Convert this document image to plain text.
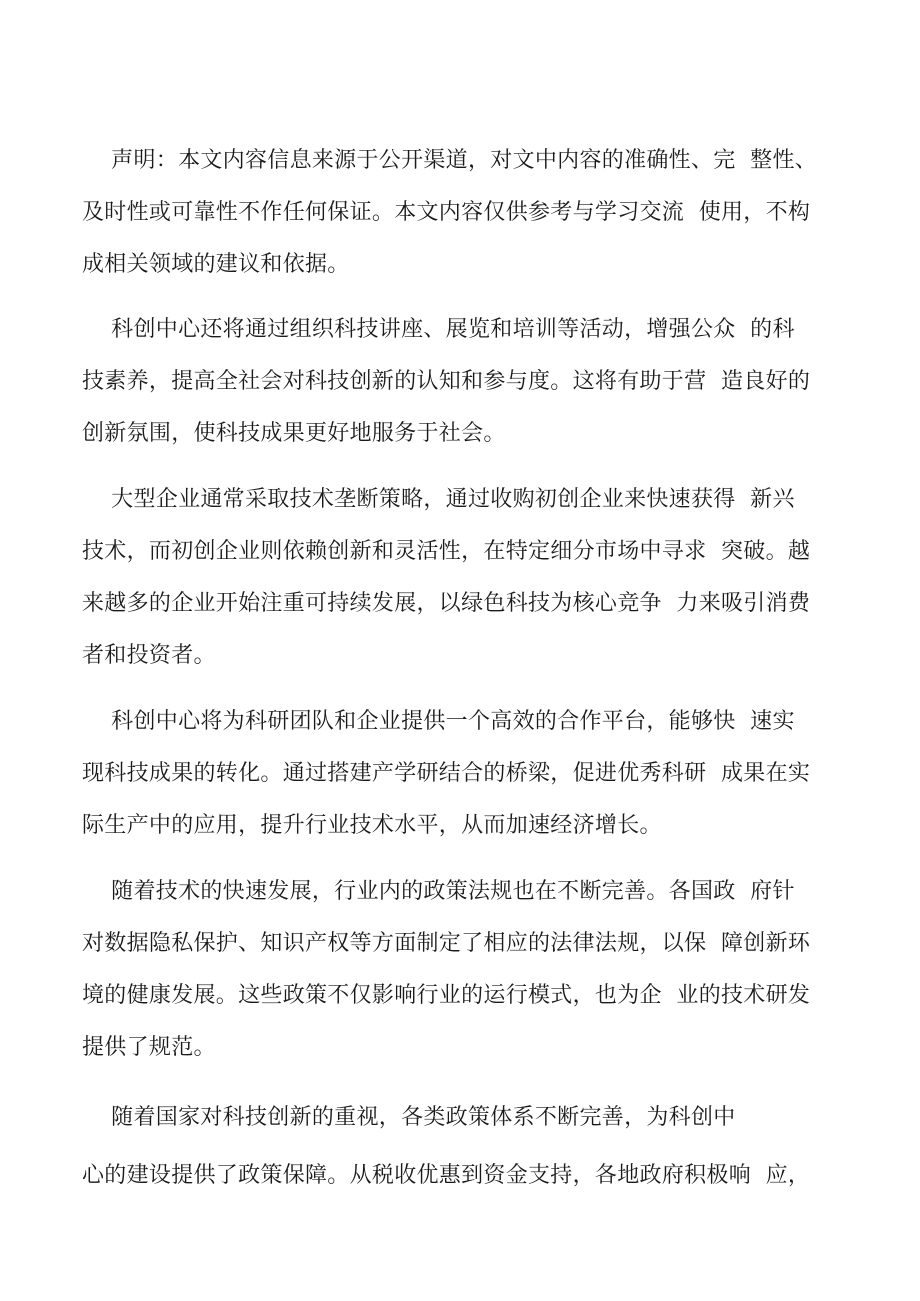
声明：本文内容信息来源于公开渠道，对文中内容的准确性、完  整性、
及时性或可靠性不作任何保证。本文内容仅供参考与学习交流  使用，不构
成相关领域的建议和依据。
科创中心还将通过组织科技讲座、展览和培训等活动，增强公众  的科
技素养，提高全社会对科技创新的认知和参与度。这将有助于营  造良好的
创新氛围，使科技成果更好地服务于社会。
大型企业通常采取技术垄断策略，通过收购初创企业来快速获得  新兴
技术，而初创企业则依赖创新和灵活性，在特定细分市场中寻求  突破。越
来越多的企业开始注重可持续发展，以绿色科技为核心竞争  力来吸引消费
者和投资者。
科创中心将为科研团队和企业提供一个高效的合作平台，能够快  速实
现科技成果的转化。通过搭建产学研结合的桥梁，促进优秀科研  成果在实
际生产中的应用，提升行业技术水平，从而加速经济增长。
随着技术的快速发展，行业内的政策法规也在不断完善。各国政  府针
对数据隐私保护、知识产权等方面制定了相应的法律法规，以保  障创新环
境的健康发展。这些政策不仅影响行业的运行模式，也为企  业的技术研发
提供了规范。
随着国家对科技创新的重视，各类政策体系不断完善，为科创中
心的建设提供了政策保障。从税收优惠到资金支持，各地政府积极响  应，
